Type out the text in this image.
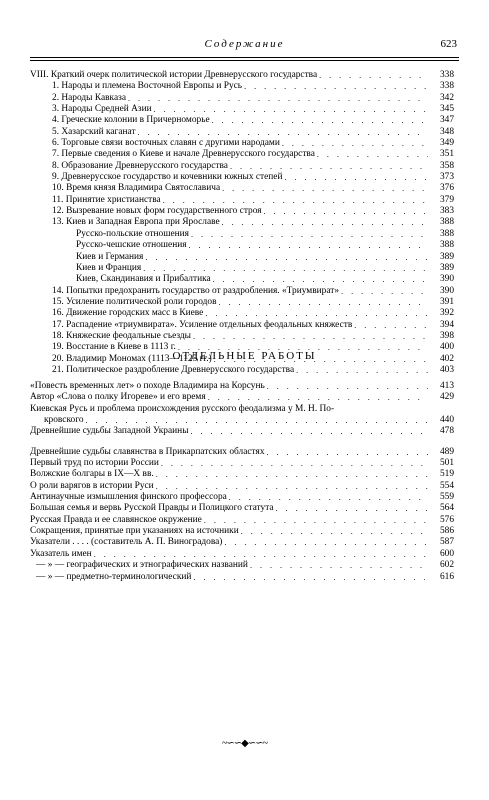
Содержание	623
VIII. Краткий очерк политической истории Древнерусского государства . . .	338
1. Народы и племена Восточной Европы и Русь . . .	338
2. Народы Кавказа . . .	342
3. Народы Средней Азии . . .	345
4. Греческие колонии в Причерноморье . . .	347
5. Хазарский каганат . . .	348
6. Торговые связи восточных славян с другими народами . . .	349
7. Первые сведения о Киеве и начале Древнерусского государства . . .	351
8. Образование Древнерусского государства . . .	358
9. Древнерусское государство и кочевники южных степей . . .	373
10. Время князя Владимира Святославича . . .	376
11. Принятие христианства . . .	379
12. Вызревание новых форм государственного строя . . .	383
13. Киев и Западная Европа при Ярославе . . .	388
Русско-польские отношения . . .	388
Русско-чешские отношения . . .	388
Киев и Германия . . .	389
Киев и Франция . . .	389
Киев, Скандинавия и Прибалтика . . .	390
14. Попытки предохранить государство от раздробления. «Триумвират» . . .	390
15. Усиление политической роли городов . . .	391
16. Движение городских масс в Киеве . . .	392
17. Распадение «триумвирата». Усиление отдельных феодальных княжеств . . .	394
18. Княжеские феодальные съезды . . .	398
19. Восстание в Киеве в 1113 г. . . .	400
20. Владимир Мономах (1113—1125 гг.) . . .	402
21. Политическое раздробление Древнерусского государства . . .	403
ОТДЕЛЬНЫЕ РАБОТЫ
«Повесть временных лет» о походе Владимира на Корсунь . . .	413
Автор «Слова о полку Игореве» и его время . . .	429
Киевская Русь и проблема происхождения русского феодализма у М. Н. По-
кровского . . .	440
Древнейшие судьбы Западной Украины . . .	478
Древнейшие судьбы славянства в Прикарпатских областях . . .	489
Первый труд по истории России . . .	501
Волжские болгары в IX—X вв. . . .	519
О роли варягов в истории Руси . . .	554
Антинаучные измышления финского профессора . . .	559
Большая семья и вервь Русской Правды и Полицкого статута . . .	564
Русская Правда и ее славянское окружение . . .	576
Сокращения, принятые при указаниях на источники . . .	586
Указатели . . . . (составитель А. П. Виноградова) . . .	587
Указатель имен . . .	600
— » — географических и этнографических названий . . .	602
— » — предметно-терминологический . . .	616
~∽∽◆∽∽~
